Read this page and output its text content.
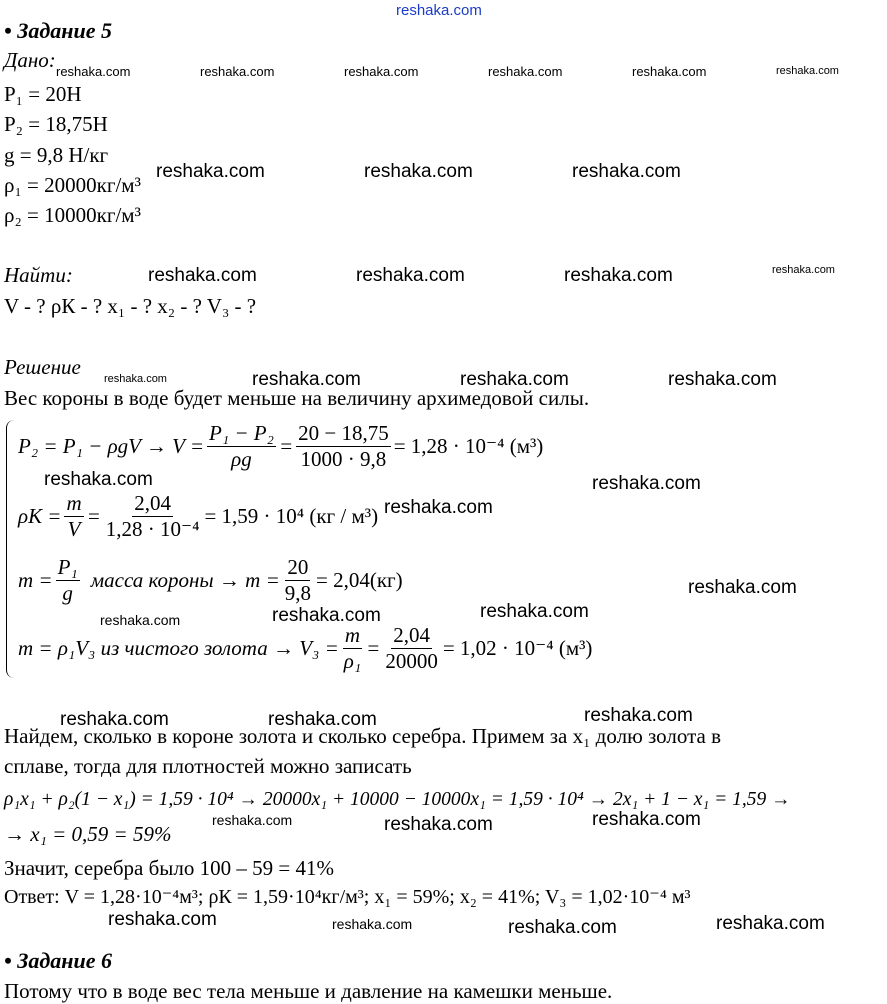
reshaka.com
• Задание 5
Дано:
P₁ = 20Н
P₂ = 18,75Н
g = 9,8 Н/кг
ρ₁ = 20000кг/м³
ρ₂ = 10000кг/м³
Найти:
V - ? ρК - ? x₁ - ? x₂ - ? V₃ - ?
Решение
Вес короны в воде будет меньше на величину архимедовой силы.
$P_2 = P_1 - \rho gV \to V = \frac{\text{P₁ − P₂}}{\rho g} = \frac{20 - 18,75}{1000 \cdot 9,8} = 1,28 \cdot 10^{-4}$ (м³)
$\rho К = \frac{m}{V} = \frac{2,04}{\text{1,28 · 10⁻⁴}} = 1,59 \cdot 10^4$ (кг / м³)
$m = \frac{\text{P₁}}{g}$ масса короны → $m = \frac{20}{9,8} = 2,04(кг)$
m = ρ₁V₃ из чистого золота → $V_3 = \frac{m}{\text{ρ₁}} = \frac{2,04}{20000} = 1,02 \cdot 10^{-4}$ (м³)
Найдем, сколько в короне золота и сколько серебра. Примем за x₁ долю золота в
сплаве, тогда для плотностей можно записать
ρ₁x₁ + ρ₂(1 − x₁) = 1,59 · 10⁴ → 20000x₁ + 10000 − 10000x₁ = 1,59 · 10⁴ → 2x₁ + 1 − x₁ = 1,59 →
→ x₁ = 0,59 = 59%
Значит, серебра было 100 – 59 = 41%
Ответ: V = 1,28·10⁻⁴м³; ρК = 1,59·10⁴кг/м³; x₁ = 59%; x₂ = 41%; V₃ = 1,02·10⁻⁴ м³
• Задание 6
Потому что в воде вес тела меньше и давление на камешки меньше.
reshaka.com	reshaka.com	reshaka.com	reshaka.com	reshaka.com	reshaka.com
reshaka.com	reshaka.com	reshaka.com
reshaka.com	reshaka.com	reshaka.com	reshaka.com
reshaka.com	reshaka.com	reshaka.com	reshaka.com
reshaka.com	reshaka.com
reshaka.com
reshaka.com
reshaka.com
reshaka.com
reshaka.com
reshaka.com
reshaka.com	reshaka.com
reshaka.com
reshaka.com	reshaka.com
reshaka.com	reshaka.com	reshaka.com	reshaka.com
